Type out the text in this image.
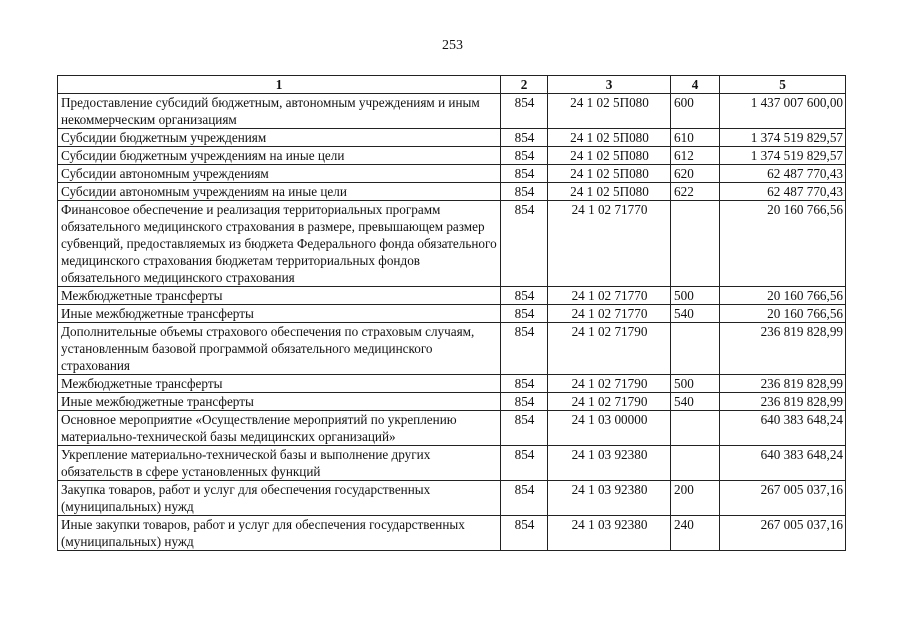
253
1	2	3	4	5
Предоставление субсидий бюджетным, автономным учреждениям и иным некоммерческим организациям	854	24 1 02 5П080	600	1 437 007 600,00
Субсидии бюджетным учреждениям	854	24 1 02 5П080	610	1 374 519 829,57
Субсидии бюджетным учреждениям на иные цели	854	24 1 02 5П080	612	1 374 519 829,57
Субсидии автономным учреждениям	854	24 1 02 5П080	620	62 487 770,43
Субсидии автономным учреждениям на иные цели	854	24 1 02 5П080	622	62 487 770,43
Финансовое обеспечение и реализация территориальных программ обязательного медицинского страхования в размере, превышающем размер субвенций, предоставляемых из бюджета Федерального фонда обязательного медицинского страхования бюджетам территориальных фондов обязательного медицинского страхования	854	24 1 02 71770		20 160 766,56
Межбюджетные трансферты	854	24 1 02 71770	500	20 160 766,56
Иные межбюджетные трансферты	854	24 1 02 71770	540	20 160 766,56
Дополнительные объемы страхового обеспечения по страховым случаям, установленным базовой программой обязательного медицинского страхования	854	24 1 02 71790		236 819 828,99
Межбюджетные трансферты	854	24 1 02 71790	500	236 819 828,99
Иные межбюджетные трансферты	854	24 1 02 71790	540	236 819 828,99
Основное мероприятие «Осуществление мероприятий по укреплению материально-технической базы медицинских организаций»	854	24 1 03 00000		640 383 648,24
Укрепление материально-технической базы и выполнение других обязательств в сфере установленных функций	854	24 1 03 92380		640 383 648,24
Закупка товаров, работ и услуг для обеспечения государственных (муниципальных) нужд	854	24 1 03 92380	200	267 005 037,16
Иные закупки товаров, работ и услуг для обеспечения государственных (муниципальных) нужд	854	24 1 03 92380	240	267 005 037,16
